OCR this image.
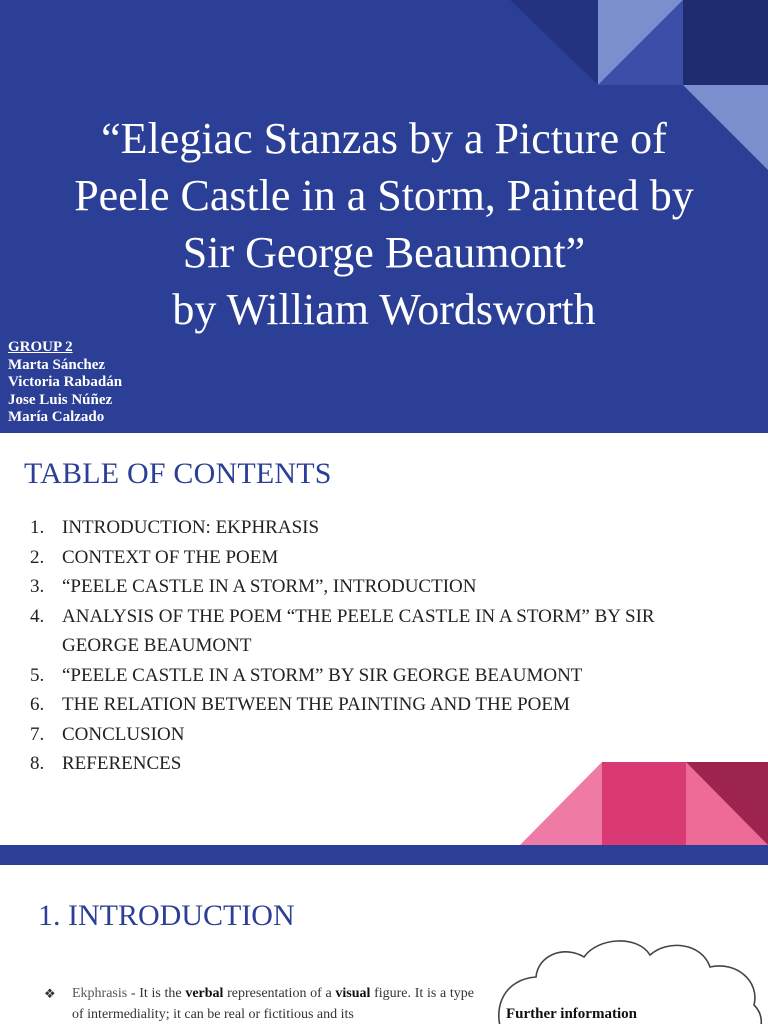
“Elegiac Stanzas by a Picture of
Peele Castle in a Storm, Painted by
Sir George Beaumont”
by William Wordsworth
GROUP 2
Marta Sánchez
Victoria Rabadán
Jose Luis Núñez
María Calzado
TABLE OF CONTENTS
1. INTRODUCTION: EKPHRASIS
2. CONTEXT OF THE POEM
3. “PEELE CASTLE IN A STORM”, INTRODUCTION
4. ANALYSIS OF THE POEM “THE PEELE CASTLE IN A STORM” BY SIR GEORGE BEAUMONT
5. “PEELE CASTLE IN A STORM” BY SIR GEORGE BEAUMONT
6. THE RELATION BETWEEN THE PAINTING AND THE POEM
7. CONCLUSION
8. REFERENCES
1. INTRODUCTION
❖	Ekphrasis - It is the verbal representation of a visual figure. It is a type of intermediality; it can be real or fictitious and its	Further information
